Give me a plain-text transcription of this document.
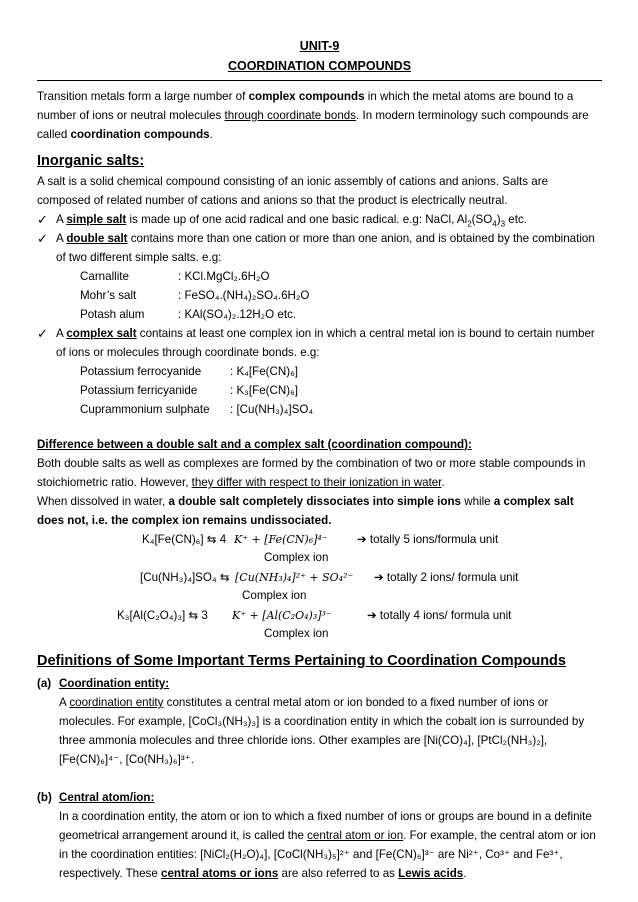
UNIT-9
COORDINATION COMPOUNDS

Transition metals form a large number of complex compounds in which the metal atoms are bound to a number of ions or neutral molecules through coordinate bonds. In modern terminology such compounds are called coordination compounds.

Inorganic salts:

A salt is a solid chemical compound consisting of an ionic assembly of cations and anions. Salts are composed of related number of cations and anions so that the product is electrically neutral.

✓ A simple salt is made up of one acid radical and one basic radical. e.g: NaCl, $Al_2(SO_4)_3$ etc.
✓ A double salt contains more than one cation or more than one anion, and is obtained by the combination of two different simple salts. e.g:
Carnallite	: KCl.MgCl₂.6H₂O
Mohr’s salt	: FeSO₄.(NH₄)₂SO₄.6H₂O
Potash alum	: KAl(SO₄)₂.12H₂O etc.
✓ A complex salt contains at least one complex ion in which a central metal ion is bound to certain number of ions or molecules through coordinate bonds. e.g:
Potassium ferrocyanide	: K₄[Fe(CN)₆]
Potassium ferricyanide	: K₃[Fe(CN)₆]
Cuprammonium sulphate	: [Cu(NH₃)₄]SO₄
Difference between a double salt and a complex salt (coordination compound):

Both double salts as well as complexes are formed by the combination of two or more stable compounds in stoichiometric ratio. However, they differ with respect to their ionization in water.

When dissolved in water, a double salt completely dissociates into simple ions while a complex salt does not, i.e. the complex ion remains undissociated.

K₄[Fe(CN)₆] ⇆ 4 K⁺ + [Fe(CN)₆]⁴⁻	➔ totally 5 ions/formula unit
Complex ion
[Cu(NH₃)₄]SO₄ ⇆ [Cu(NH₃)₄]²⁺ + SO₄²⁻ ➔ totally 2 ions/ formula unit
Complex ion
K₃[Al(C₂O₄)₃] ⇆ 3 K⁺ + [Al(C₂O₄)₃]³⁻	➔ totally 4 ions/ formula unit
Complex ion
Definitions of Some Important Terms Pertaining to Coordination Compounds
(a) Coordination entity:

A coordination entity constitutes a central metal atom or ion bonded to a fixed number of ions or molecules. For example, [CoCl₃(NH₃)₃] is a coordination entity in which the cobalt ion is surrounded by three ammonia molecules and three chloride ions. Other examples are [Ni(CO)₄], [PtCl₂(NH₃)₂], [Fe(CN)₆]⁴⁻, [Co(NH₃)₆]³⁺.

(b) Central atom/ion:

In a coordination entity, the atom or ion to which a fixed number of ions or groups are bound in a definite geometrical arrangement around it, is called the central atom or ion. For example, the central atom or ion in the coordination entities: [NiCl₂(H₂O)₄], [CoCl(NH₃)₅]²⁺ and [Fe(CN)₆]³⁻ are Ni²⁺, Co³⁺ and Fe³⁺, respectively. These central atoms or ions are also referred to as Lewis acids.
